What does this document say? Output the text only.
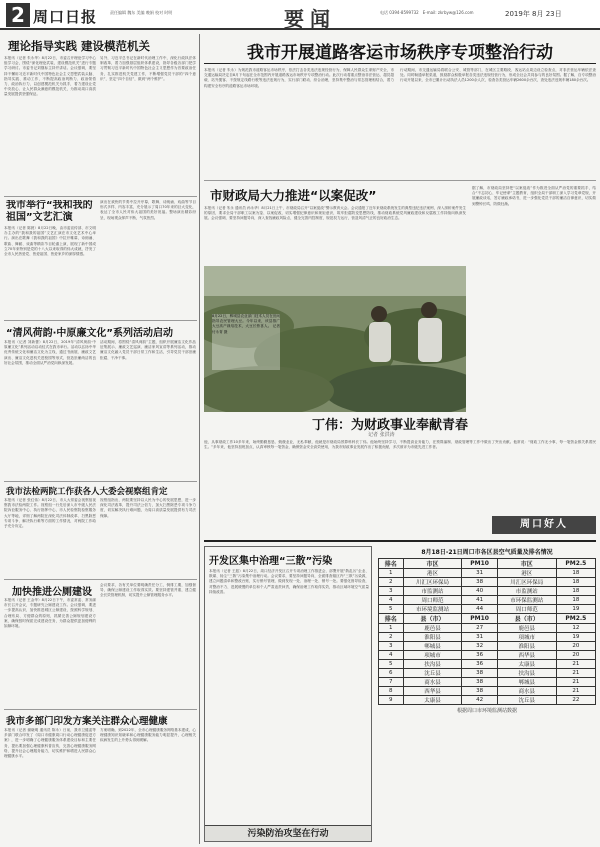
2 周口日报	责任编辑 魏东 美编 晚娟 校对 时明	要闻	电话 0394-8599732　 E-mail: zkrbyw@126.com	2019年 8月 23日
理论指导实践 建设模范机关
本报讯（记者 朱永华）8月22日，市委召开理论学习中心组学习会，围绕“深化理论武装，建设模范机关”进行专题学习研讨。市委书记刘继标主持并讲话。会议强调，要坚持不懈用习近平新时代中国特色社会主义思想武装头脑、指导实践、推动工作，不断提高政治判断力、政治领悟力、政治执行力，以创建模范机关为抓手，着力建设让党中央放心、让人民群众满意的模范机关，为推动周口高质量发展提供坚强保证。
另外，习近平总书记在新时代治理工作中，深化行政执法体制改革，着力加强基层组织体系建设，指导各级各部门把学习贯彻习近平新时代中国特色社会主义思想作为首要政治任务，扎实推进机关党建工作，不断增强党员干部的“四个意识”，坚定“四个自信”，做到“两个维护”。
我市举行“我和我的祖国”文艺汇演
本报讯（记者 陈晨）8月22日晚，由市委宣传部、市文明办主办的“我和我的祖国”文艺汇演在市文化艺术中心举行。演出在歌舞《我和我的祖国》中拉开帷幕，诗朗诵、歌曲、舞蹈、戏曲等精彩节目轮番上演，展现了新中国成立70年来特别是党的十八大以来取得的伟大成就，抒发了全市人民热爱党、热爱祖国、热爱家乡的深厚情感。
演出在欢快的节奏中拉开序幕，歌舞、诗朗诵、戏曲等节目形式多样、内容丰富，充分展示了周口70年来的巨大变化，表达了全市人民对伟大祖国的美好祝福。整场演出精彩纷呈，现场观众掌声不断，气氛热烈。
“清风荷韵·中原廉文化”系列活动启动
本报讯（记者 刘新蕾）8月22日，2019年“清风荷韵·中原廉文化”系列活动启动仪式在我市举行。活动以弘扬中华优秀传统文化和廉洁文化为主线，通过书画展、廉政文艺演出、廉洁文化进机关进校园等形式，营造崇廉尚洁的良好社会氛围，推动全面从严治党向纵深发展。
活动期间，将围绕“清风荷韵”主题，组织开展廉洁文化作品征集展示、廉政文艺巡演、廉洁家风宣讲等系列活动，推动廉洁文化融入党员干部日常工作和生活，引导党员干部崇廉拒腐、干净干事。
我市法检两院工作获各人大委会视察组肯定
本报讯（记者 张红伟）8月22日，市人大常委会视察组视察我市法检两院工作。视察组一行先后深入市中级人民法院诉讼服务中心、执行指挥中心，市人民检察院检察服务大厅等地，详细了解两院在深化司法体制改革、扫黑除恶专项斗争、解决执行难等方面的工作情况，对两院工作给予充分肯定。
视察组指出，两院要坚持以人民为中心的发展思想，进一步深化司法改革，提升司法公信力，加大扫黑除恶专项斗争力度，切实解决执行难问题，为周口高质量发展提供有力司法保障。
加快推进公厕建设
本报讯（记者 王金华）8月22日下午，市委常委、常务副市长召开会议，专题研究公厕建设工作。会议强调，要进一步提高认识，加快推进城区公厕建设，按照科学规划、合理布局、方便群众的原则，抓紧完善公厕规划建设方案，确保按时保质完成建设任务，为群众提供更加便利的如厕环境。
会议要求，各有关单位要明确责任分工，倒排工期，加强督导，确保公厕建设工作取得实效。要坚持建管并重，建立健全长效管理机制，切实提升公厕管理服务水平。
我市多部门印发方案关注群众心理健康
本报讯（记者 谢晓明 通讯员 陈永）日前，我市卫健委等多部门联合印发了《周口市健康周口行动心理健康促进方案》，进一步明确了心理健康服务体系建设目标和主要任务，提出要加强心理健康科普宣传，完善心理健康服务网络，提升社会心理服务能力，切实维护和增进人民群众心理健康水平。
方案明确，到2022年，全市心理健康服务网络基本建成，心理健康知识知晓率和心理健康服务能力明显提升，心理相关疾病发生的上升势头得到缓解。
我市开展道路客运市场秩序专项整治行动
本报讯（记者 朱永）为规范我市道路客运市场秩序，依法打击各类违法违规经营行为，保障人民群众生命财产安全，市交通运输局决定自8月下旬起在全市范围内开展道路客运市场秩序专项整治行动。此次行动将重点整治非法营运、超员超载、站外揽客、不按规定线路行驶等违法违规行为，实行部门联动、综合治理，坚持集中整治与常态管理相结合，着力构建安全有序的道路客运市场环境。
行动期间，市交通运输局将联合公安、城管等部门，在城区主要路段、客运站点周边设立检查点，对非法营运车辆依法查处。同时畅通举报渠道，鼓励群众积极举报各类违法违规经营行为，形成全社会共同参与的良好氛围。据了解，自专项整治行动开展以来，全市已累计出动执法人员1200余人次，检查各类营运车辆2600余台次，查处违法违规车辆180余台次。
市财政局大力推进“以案促改”
本报讯（记者 朱永 通讯员 孙永华）8月21日上午，市财政局召开“以案促改”警示教育大会。会议通报了近年来财政系统发生的典型违纪违法案例，深入剖析案件发生的原因，要求全局干部职工以案为鉴、以案促改，切实增强纪律意识和规矩意识，筑牢拒腐防变思想防线，推动财政系统党风廉政建设和反腐败工作持续向纵深发展。会议强调，要坚持问题导向，深入查找廉政风险点，健全完善内控制度，规范权力运行，营造风清气正的良好政治生态。
据了解，市财政局坚持把“以案促改”作为推进全面从严治党的重要抓手，结合“不忘初心、牢记使命”主题教育，组织全局干部职工深入学习党章党规，开展廉政谈话，签订廉政承诺书，进一步强化党员干部的廉洁自律意识，切实做到警钟长鸣、防微杜渐。
8月22日，郸城县农业部门技术人员在田间指导农民管理大豆。今年以来，该县推广大豆高产栽培技术，大豆长势喜人。 记者 付永青 摄
丁伟：为财政事业奉献青春
记者 张洪涛
他，从事财政工作10多年来，始终勤勤恳恳、兢兢业业，无私奉献，他就是市财政局预算科科长丁伟。他始终坚持学习，不断提高业务能力，在预算编制、财政管理等工作中做出了突出贡献。他常说：“财政工作无小事，每一笔资金都关系着民生。”多年来，他坚持加班加点，认真审核每一笔资金，确保资金安全高效使用，为我市财政事业发展作出了积极贡献，多次被评为市级先进工作者。
周口好人
开发区集中治理“三散”污染
本报讯（记者 王振）8月22日，周口经济开发区召开专项治理工作推进会，部署开展“散乱污”企业、散煤、扬尘“三散”污染集中治理行动。会议要求，要坚持问题导向，全面排查辖区内“三散”污染源，建立问题清单和整改台账，实行销号管理，做到发现一处、治理一处、销号一处。要强化督导检查，对整治不力、进展缓慢的单位和个人严肃追责问责，确保治理工作取得实效，推动区域环境空气质量持续改善。
污染防治攻坚在行动
8月18日-21日周口市各区县空气质量及排名情况
排名	市区	PM10	市区	PM2.5
1	港区	31	港区	18
2	川汇区环保局	38	川汇区环保局	18
3	市监测站	40	市监测站	18
4	周口师范	41	市环保监测站	18
5	市环境监测站	44	周口师范	19
排名	县（市）	PM10	县（市）	PM2.5
1	鹿邑县	27	鹿邑县	12
2	淮阳县	31	项城市	19
3	郸城县	32	淮阳县	20
4	项城市	36	西华县	20
5	扶沟县	36	太康县	21
6	沈丘县	38	扶沟县	21
7	商水县	38	郸城县	21
8	西华县	38	商水县	21
9	太康县	42	沈丘县	22
根据周口市环境监测站数据
